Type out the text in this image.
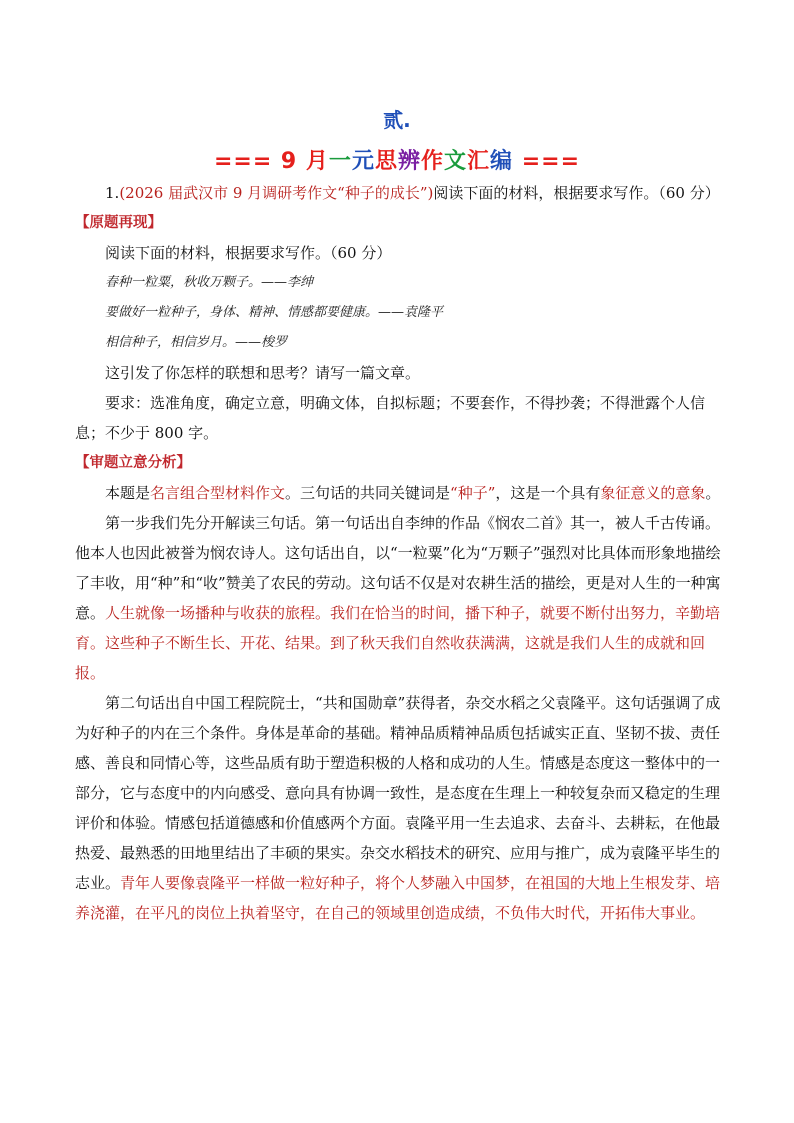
贰.
=== 9 月一元思辨作文汇编 ===

1.(2026 届武汉市 9 月调研考作文“种子的成长”)阅读下面的材料，根据要求写作。（60 分）

【原题再现】

阅读下面的材料，根据要求写作。（60 分）

春种一粒粟，秋收万颗子。——李绅

要做好一粒种子，身体、精神、情感都要健康。——袁隆平

相信种子，相信岁月。——梭罗

这引发了你怎样的联想和思考？请写一篇文章。

要求：选准角度，确定立意，明确文体，自拟标题；不要套作，不得抄袭；不得泄露个人信息；不少于 800 字。

【审题立意分析】

本题是名言组合型材料作文。三句话的共同关键词是“种子”，这是一个具有象征意义的意象。

第一步我们先分开解读三句话。第一句话出自李绅的作品《悯农二首》其一，被人千古传诵。他本人也因此被誉为悯农诗人。这句话出自，以“一粒粟”化为“万颗子”强烈对比具体而形象地描绘了丰收，用“种”和“收”赞美了农民的劳动。这句话不仅是对农耕生活的描绘，更是对人生的一种寓意。人生就像一场播种与收获的旅程。我们在恰当的时间，播下种子，就要不断付出努力，辛勤培育。这些种子不断生长、开花、结果。到了秋天我们自然收获满满，这就是我们人生的成就和回报。

第二句话出自中国工程院院士，“共和国勋章”获得者，杂交水稻之父袁隆平。这句话强调了成为好种子的内在三个条件。身体是革命的基础。精神品质精神品质包括诚实正直、坚韧不拔、责任感、善良和同情心等，这些品质有助于塑造积极的人格和成功的人生。情感是态度这一整体中的一部分，它与态度中的内向感受、意向具有协调一致性，是态度在生理上一种较复杂而又稳定的生理评价和体验。情感包括道德感和价值感两个方面。袁隆平用一生去追求、去奋斗、去耕耘，在他最热爱、最熟悉的田地里结出了丰硕的果实。杂交水稻技术的研究、应用与推广，成为袁隆平毕生的志业。青年人要像袁隆平一样做一粒好种子，将个人梦融入中国梦，在祖国的大地上生根发芽、培养浇灌，在平凡的岗位上执着坚守，在自己的领域里创造成绩，不负伟大时代，开拓伟大事业。
